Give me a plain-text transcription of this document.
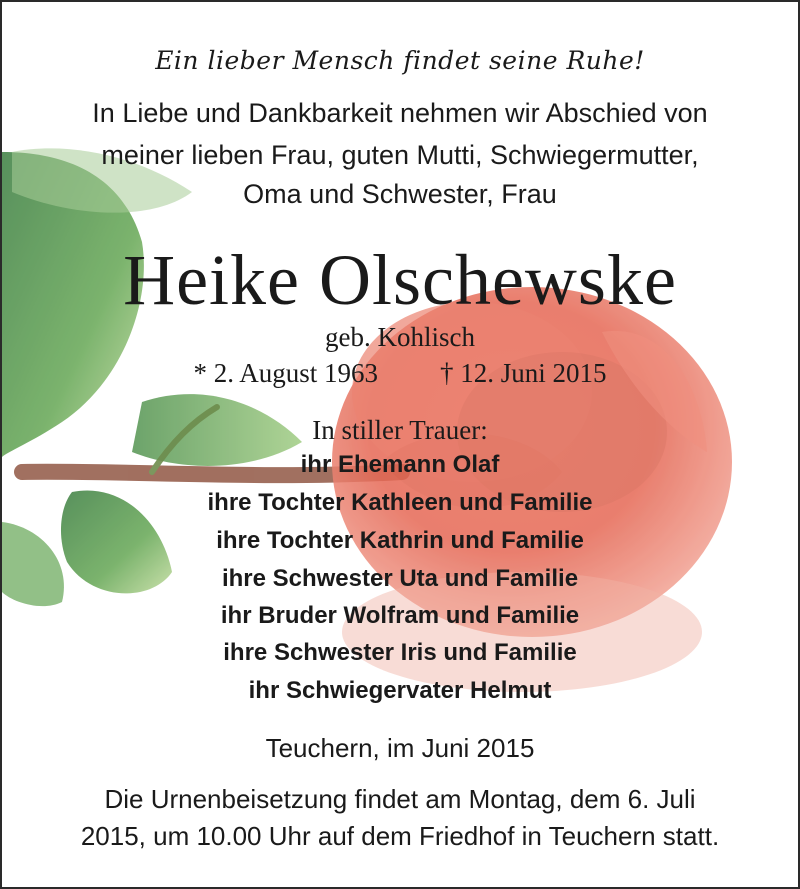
Ein lieber Mensch findet seine Ruhe!
In Liebe und Dankbarkeit nehmen wir Abschied von
meiner lieben Frau, guten Mutti, Schwiegermutter,
Oma und Schwester, Frau
Heike Olschewske
geb. Kohlisch
* 2. August 1963 † 12. Juni 2015
In stiller Trauer:
ihr Ehemann Olaf
ihre Tochter Kathleen und Familie
ihre Tochter Kathrin und Familie
ihre Schwester Uta und Familie
ihr Bruder Wolfram und Familie
ihre Schwester Iris und Familie
ihr Schwiegervater Helmut
Teuchern, im Juni 2015
Die Urnenbeisetzung findet am Montag, dem 6. Juli
2015, um 10.00 Uhr auf dem Friedhof in Teuchern statt.
